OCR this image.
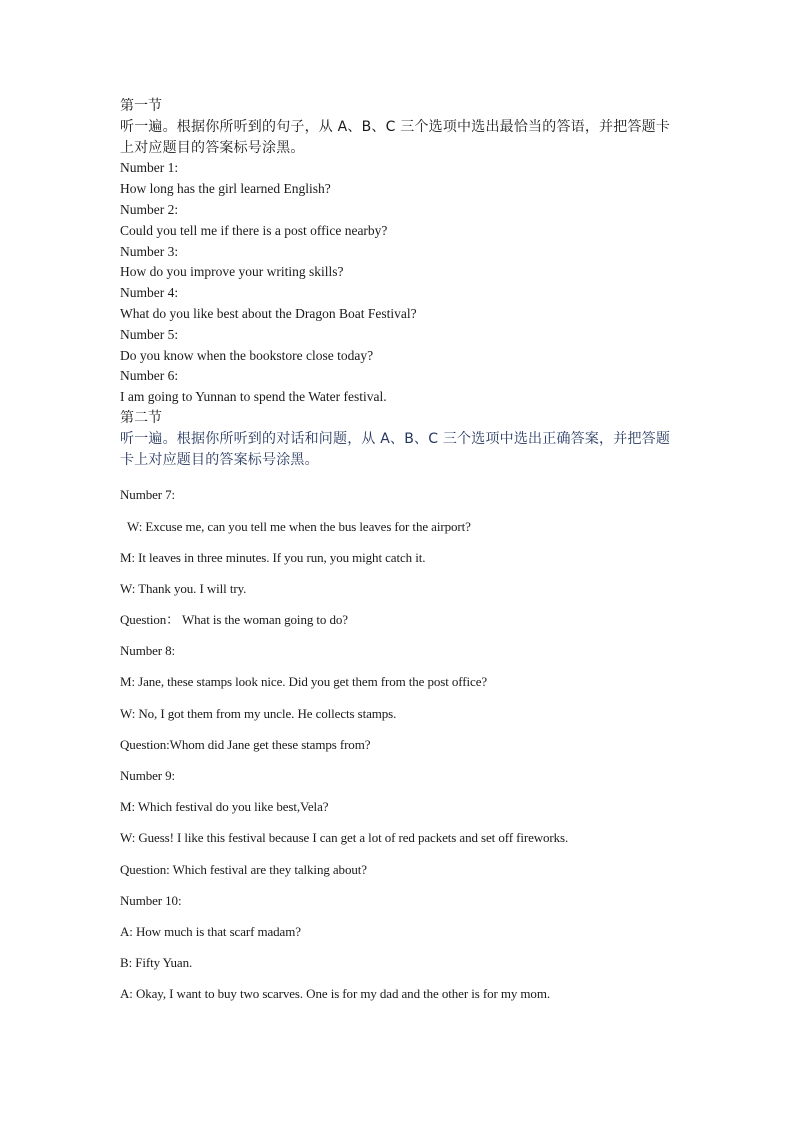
第一节
听一遍。根据你所听到的句子，从 A、B、C 三个选项中选出最恰当的答语，并把答题卡上对应题目的答案标号涂黑。
Number 1:
How long has the girl learned English?
Number 2:
Could you tell me if there is a post office nearby?
Number 3:
How do you improve your writing skills?
Number 4:
What do you like best about the Dragon Boat Festival?
Number 5:
Do you know when the bookstore close today?
Number 6:
I am going to Yunnan to spend the Water festival.
第二节
听一遍。根据你所听到的对话和问题，从 A、B、C 三个选项中选出正确答案，并把答题卡上对应题目的答案标号涂黑。
Number 7:
W: Excuse me, can you tell me when the bus leaves for the airport?
M: It leaves in three minutes. If you run, you might catch it.
W: Thank you. I will try.
Question： What is the woman going to do?
Number 8:
M: Jane, these stamps look nice. Did you get them from the post office?
W: No, I got them from my uncle. He collects stamps.
Question:Whom did Jane get these stamps from?
Number 9:
M: Which festival do you like best,Vela?
W: Guess! I like this festival because I can get a lot of red packets and set off fireworks.
Question: Which festival are they talking about?
Number 10:
A: How much is that scarf madam?
B: Fifty Yuan.
A: Okay, I want to buy two scarves. One is for my dad and the other is for my mom.
